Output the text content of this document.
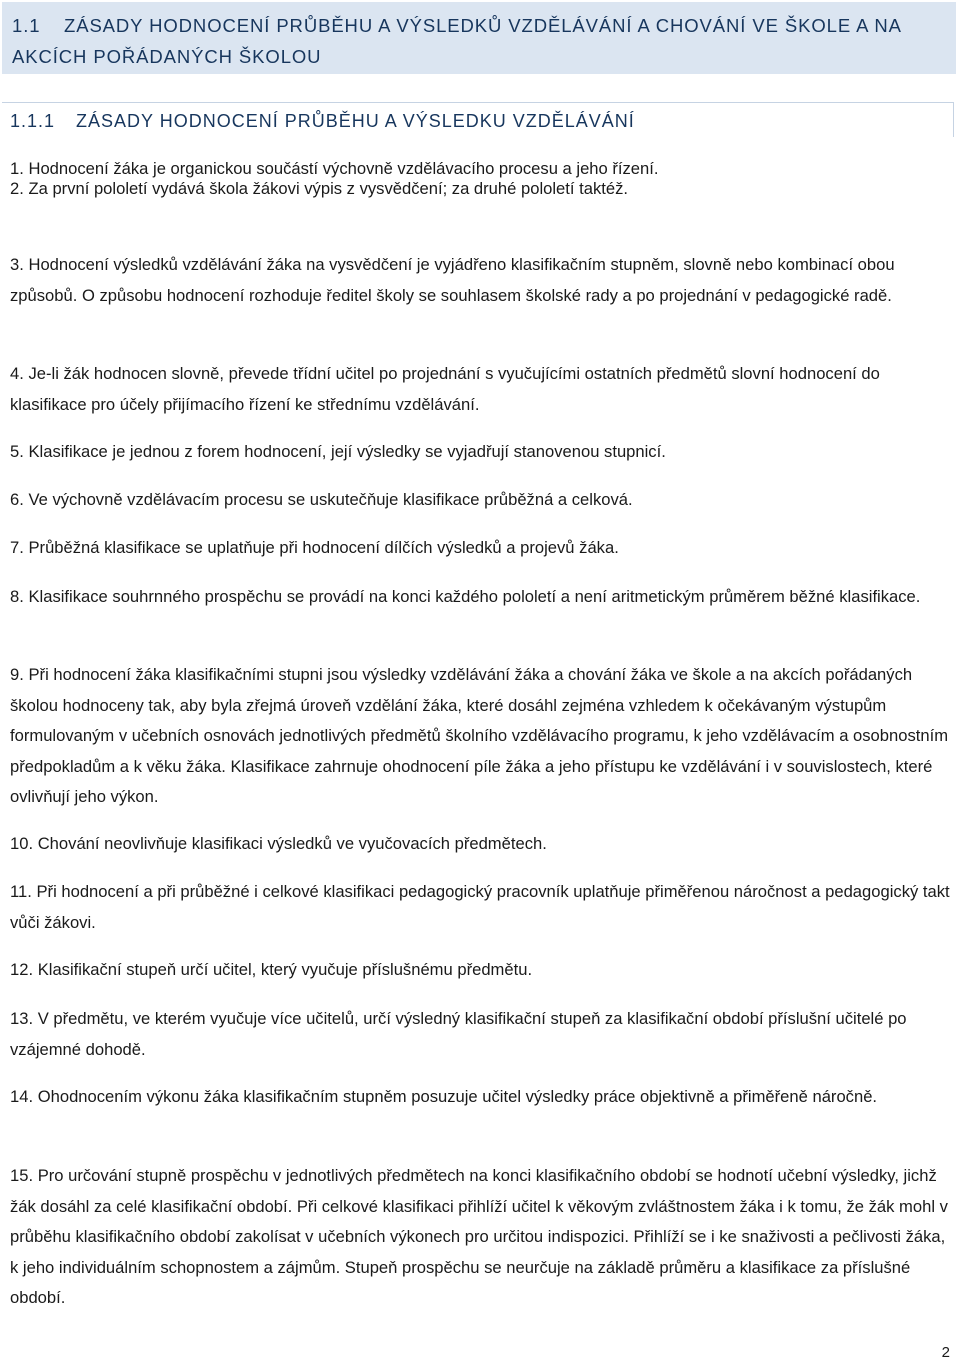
1.1 ZÁSADY HODNOCENÍ PRŮBĚHU A VÝSLEDKŮ VZDĚLÁVÁNÍ A CHOVÁNÍ VE ŠKOLE A NA AKCÍCH POŘÁDANÝCH ŠKOLOU
1.1.1 ZÁSADY HODNOCENÍ PRŮBĚHU A VÝSLEDKU VZDĚLÁVÁNÍ

1. Hodnocení žáka je organickou součástí výchovně vzdělávacího procesu a jeho řízení.

2. Za první pololetí vydává škola žákovi výpis z vysvědčení; za druhé pololetí taktéž.

3. Hodnocení výsledků vzdělávání žáka na vysvědčení je vyjádřeno klasifikačním stupněm, slovně nebo kombinací obou způsobů. O způsobu hodnocení rozhoduje ředitel školy se souhlasem školské rady a po projednání v pedagogické radě.

4. Je-li žák hodnocen slovně, převede třídní učitel po projednání s vyučujícími ostatních předmětů slovní hodnocení do klasifikace pro účely přijímacího řízení ke střednímu vzdělávání.

5. Klasifikace je jednou z forem hodnocení, její výsledky se vyjadřují stanovenou stupnicí.

6. Ve výchovně vzdělávacím procesu se uskutečňuje klasifikace průběžná a celková.

7. Průběžná klasifikace se uplatňuje při hodnocení dílčích výsledků a projevů žáka.

8. Klasifikace souhrnného prospěchu se provádí na konci každého pololetí a není aritmetickým průměrem běžné klasifikace.

9. Při hodnocení žáka klasifikačními stupni jsou výsledky vzdělávání žáka a chování žáka ve škole a na akcích pořádaných školou hodnoceny tak, aby byla zřejmá úroveň vzdělání žáka, které dosáhl zejména vzhledem k očekávaným výstupům formulovaným v učebních osnovách jednotlivých předmětů školního vzdělávacího programu, k jeho vzdělávacím a osobnostním předpokladům a k věku žáka. Klasifikace zahrnuje ohodnocení píle žáka a jeho přístupu ke vzdělávání i v souvislostech, které ovlivňují jeho výkon.

10. Chování neovlivňuje klasifikaci výsledků ve vyučovacích předmětech.

11. Při hodnocení a při průběžné i celkové klasifikaci pedagogický pracovník uplatňuje přiměřenou náročnost a pedagogický takt vůči žákovi.

12. Klasifikační stupeň určí učitel, který vyučuje příslušnému předmětu.

13. V předmětu, ve kterém vyučuje více učitelů, určí výsledný klasifikační stupeň za klasifikační období příslušní učitelé po vzájemné dohodě.

14. Ohodnocením výkonu žáka klasifikačním stupněm posuzuje učitel výsledky práce objektivně a přiměřeně náročně.

15. Pro určování stupně prospěchu v jednotlivých předmětech na konci klasifikačního období se hodnotí učební výsledky, jichž žák dosáhl za celé klasifikační období. Při celkové klasifikaci přihlíží učitel k věkovým zvláštnostem žáka i k tomu, že žák mohl v průběhu klasifikačního období zakolísat v učebních výkonech pro určitou indispozici. Přihlíží se i ke snaživosti a pečlivosti žáka, k jeho individuálním schopnostem a zájmům. Stupeň prospěchu se neurčuje na základě průměru a klasifikace za příslušné období.

2
